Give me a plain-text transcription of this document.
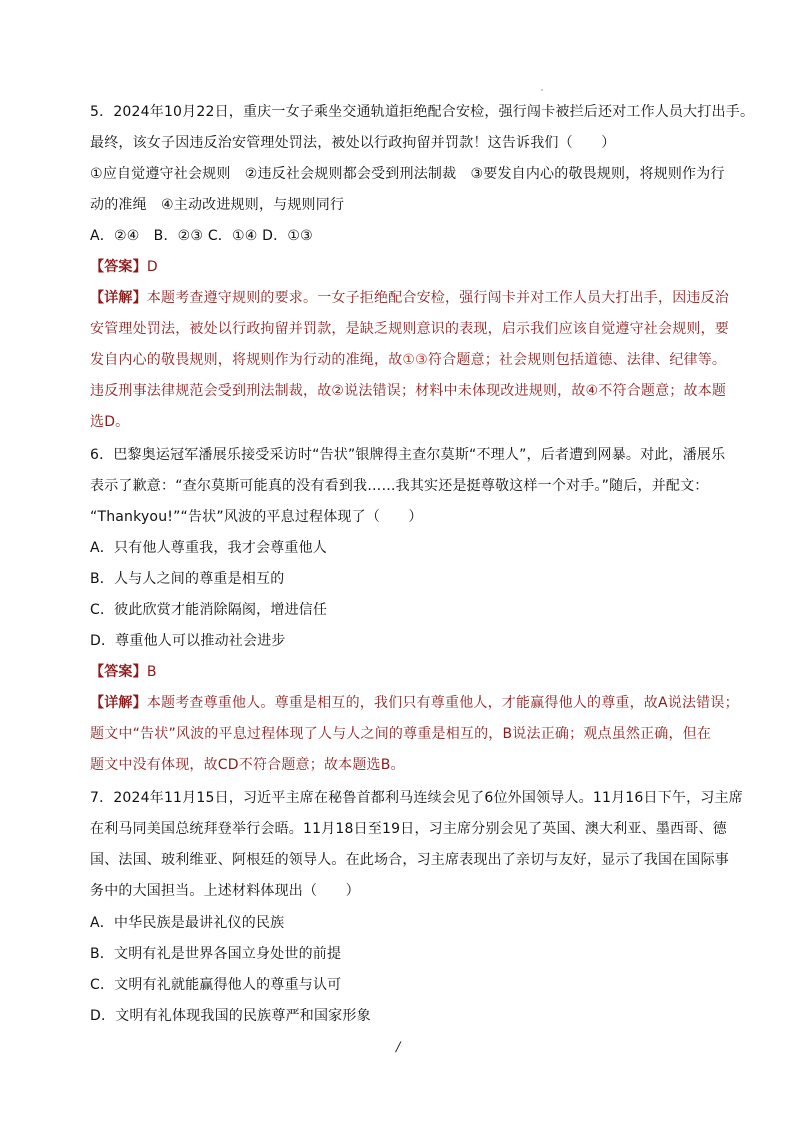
5．2024年10月22日，重庆一女子乘坐交通轨道拒绝配合安检，强行闯卡被拦后还对工作人员大打出手。
最终，该女子因违反治安管理处罚法，被处以行政拘留并罚款！这告诉我们（　　）
①应自觉遵守社会规则　②违反社会规则都会受到刑法制裁　③要发自内心的敬畏规则，将规则作为行
动的准绳　④主动改进规则，与规则同行
A．②④　B．②③ C．①④ D．①③
【答案】D
【详解】本题考查遵守规则的要求。一女子拒绝配合安检，强行闯卡并对工作人员大打出手，因违反治
安管理处罚法，被处以行政拘留并罚款，是缺乏规则意识的表现，启示我们应该自觉遵守社会规则，要
发自内心的敬畏规则，将规则作为行动的准绳，故①③符合题意；社会规则包括道德、法律、纪律等。
违反刑事法律规范会受到刑法制裁，故②说法错误；材料中未体现改进规则，故④不符合题意；故本题
选D。
6．巴黎奥运冠军潘展乐接受采访时“告状”银牌得主查尔莫斯“不理人”，后者遭到网暴。对此，潘展乐
表示了歉意：“查尔莫斯可能真的没有看到我……我其实还是挺尊敬这样一个对手。”随后，并配文：
“Thankyou!”“告状”风波的平息过程体现了（　　）
A．只有他人尊重我，我才会尊重他人
B．人与人之间的尊重是相互的
C．彼此欣赏才能消除隔阂，增进信任
D．尊重他人可以推动社会进步
【答案】B
【详解】本题考查尊重他人。尊重是相互的，我们只有尊重他人，才能赢得他人的尊重，故A说法错误；
题文中“告状”风波的平息过程体现了人与人之间的尊重是相互的，B说法正确；观点虽然正确，但在
题文中没有体现，故CD不符合题意；故本题选B。
7．2024年11月15日，习近平主席在秘鲁首都利马连续会见了6位外国领导人。11月16日下午，习主席
在利马同美国总统拜登举行会晤。11月18日至19日，习主席分别会见了英国、澳大利亚、墨西哥、德
国、法国、玻利维亚、阿根廷的领导人。在此场合，习主席表现出了亲切与友好，显示了我国在国际事
务中的大国担当。上述材料体现出（　　）
A．中华民族是最讲礼仪的民族
B．文明有礼是世界各国立身处世的前提
C．文明有礼就能赢得他人的尊重与认可
D．文明有礼体现我国的民族尊严和国家形象
/
